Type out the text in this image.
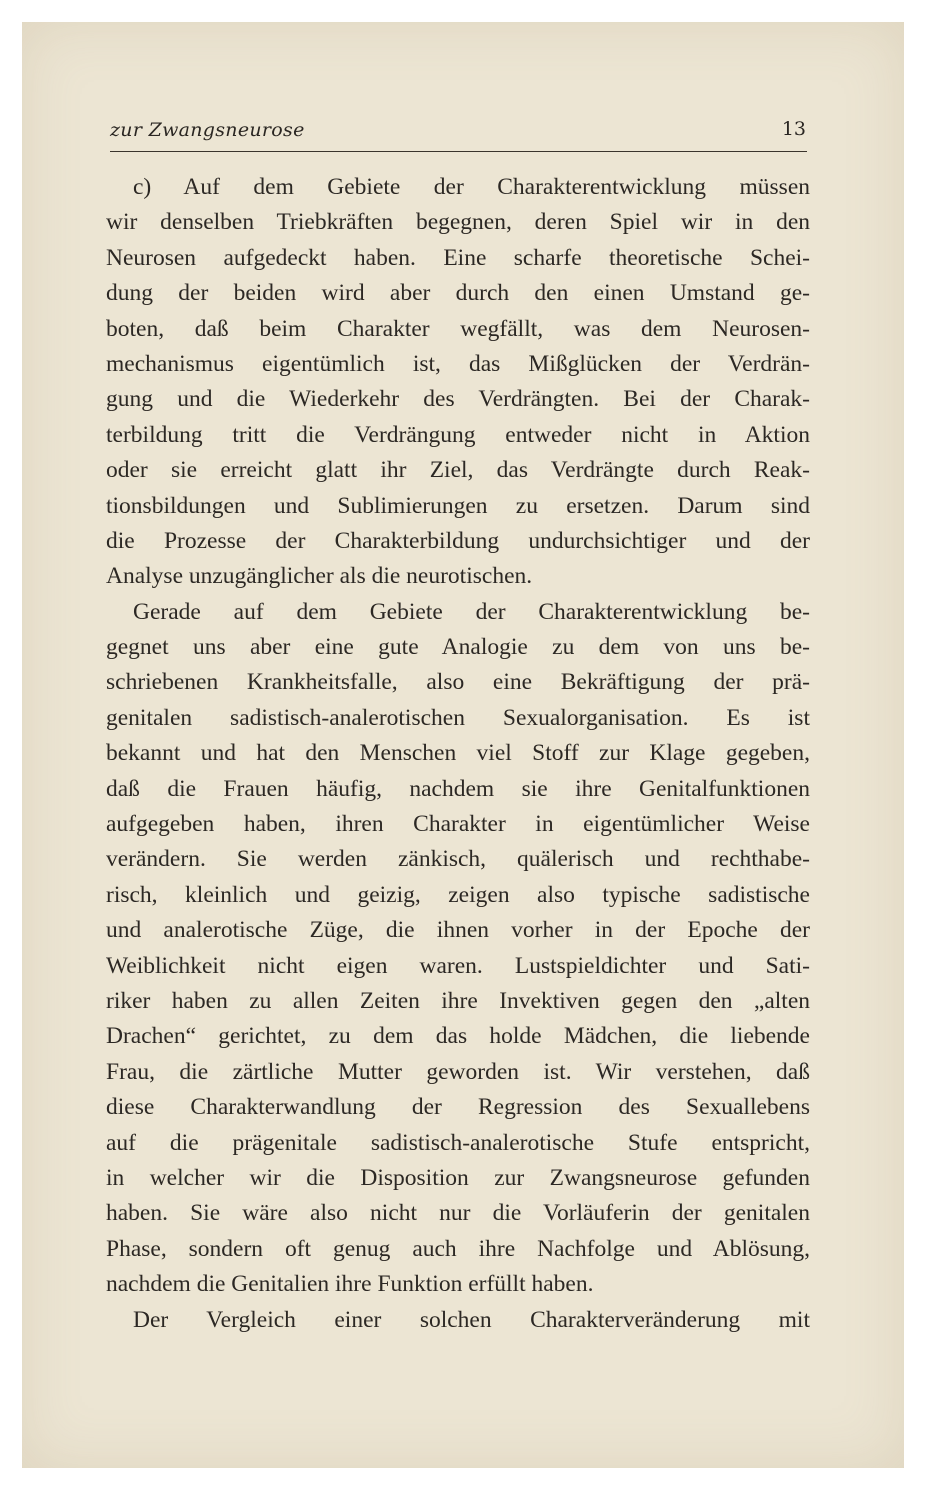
zur Zwangsneurose	13
c) Auf dem Gebiete der Charakterentwicklung müssen
wir denselben Triebkräften begegnen, deren Spiel wir in den
Neurosen aufgedeckt haben. Eine scharfe theoretische Schei-
dung der beiden wird aber durch den einen Umstand ge-
boten, daß beim Charakter wegfällt, was dem Neurosen-
mechanismus eigentümlich ist, das Mißglücken der Verdrän-
gung und die Wiederkehr des Verdrängten. Bei der Charak-
terbildung tritt die Verdrängung entweder nicht in Aktion
oder sie erreicht glatt ihr Ziel, das Verdrängte durch Reak-
tionsbildungen und Sublimierungen zu ersetzen. Darum sind
die Prozesse der Charakterbildung undurchsichtiger und der
Analyse unzugänglicher als die neurotischen.
Gerade auf dem Gebiete der Charakterentwicklung be-
gegnet uns aber eine gute Analogie zu dem von uns be-
schriebenen Krankheitsfalle, also eine Bekräftigung der prä-
genitalen sadistisch-analerotischen Sexualorganisation. Es ist
bekannt und hat den Menschen viel Stoff zur Klage gegeben,
daß die Frauen häufig, nachdem sie ihre Genitalfunktionen
aufgegeben haben, ihren Charakter in eigentümlicher Weise
verändern. Sie werden zänkisch, quälerisch und rechthabe-
risch, kleinlich und geizig, zeigen also typische sadistische
und analerotische Züge, die ihnen vorher in der Epoche der
Weiblichkeit nicht eigen waren. Lustspieldichter und Sati-
riker haben zu allen Zeiten ihre Invektiven gegen den „alten
Drachen“ gerichtet, zu dem das holde Mädchen, die liebende
Frau, die zärtliche Mutter geworden ist. Wir verstehen, daß
diese Charakterwandlung der Regression des Sexuallebens
auf die prägenitale sadistisch-analerotische Stufe entspricht,
in welcher wir die Disposition zur Zwangsneurose gefunden
haben. Sie wäre also nicht nur die Vorläuferin der genitalen
Phase, sondern oft genug auch ihre Nachfolge und Ablösung,
nachdem die Genitalien ihre Funktion erfüllt haben.
Der Vergleich einer solchen Charakterveränderung mit
